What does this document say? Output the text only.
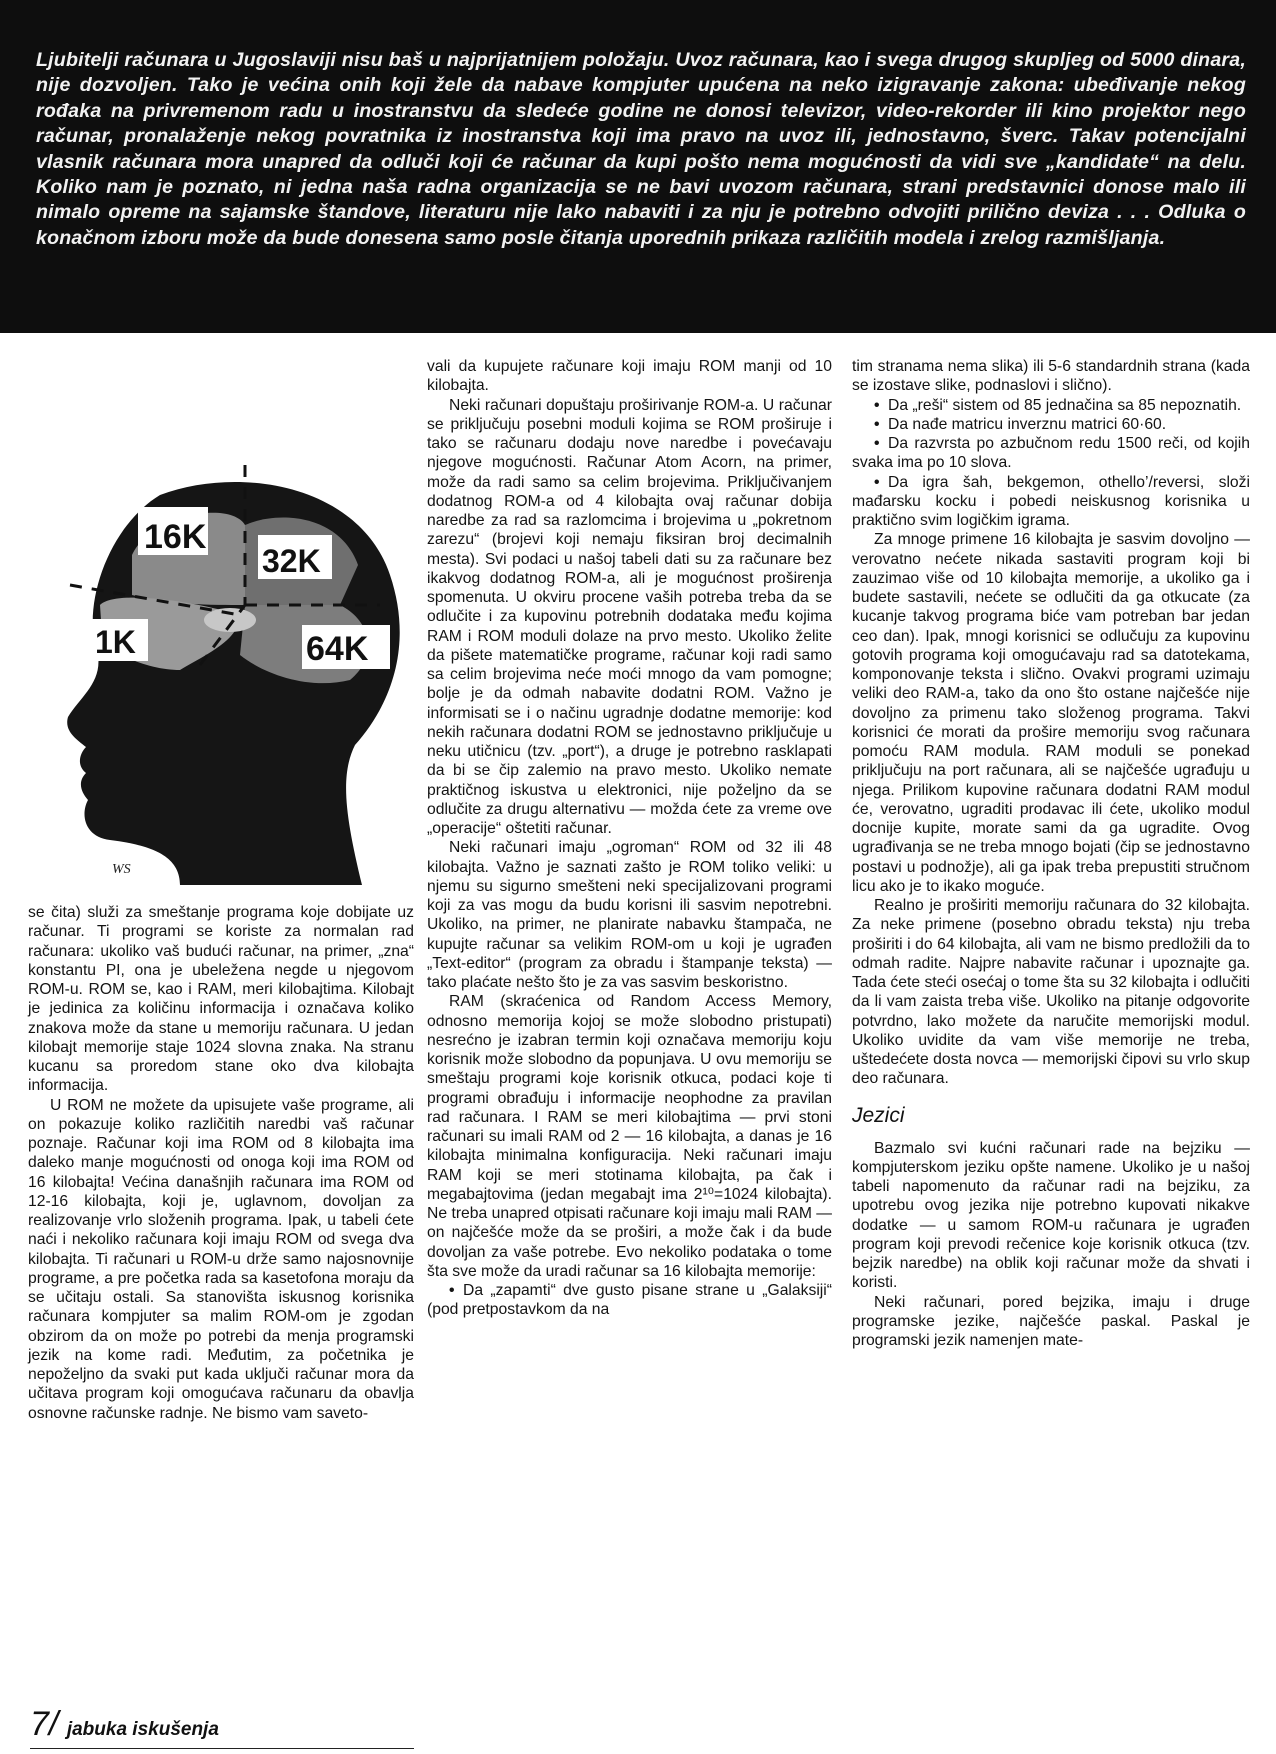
Ljubitelji računara u Jugoslaviji nisu baš u najprijatnijem položaju. Uvoz računara, kao i svega drugog skupljeg od 5000 dinara, nije dozvoljen. Tako je većina onih koji žele da nabave kompjuter upućena na neko izigravanje zakona: ubeđivanje nekog rođaka na privremenom radu u inostranstvu da sledeće godine ne donosi televizor, video-rekorder ili kino projektor nego računar, pronalaženje nekog povratnika iz inostranstva koji ima pravo na uvoz ili, jednostavno, šverc. Takav potencijalni vlasnik računara mora unapred da odluči koji će računar da kupi pošto nema mogućnosti da vidi sve „kandidate“ na delu. Koliko nam je poznato, ni jedna naša radna organizacija se ne bavi uvozom računara, strani predstavnici donose malo ili nimalo opreme na sajamske štandove, literaturu nije lako nabaviti i za nju je potrebno odvojiti prilično deviza . . . Odluka o konačnom izboru može da bude donesena samo posle čitanja uporednih prikaza različitih modela i zrelog razmišljanja.

16K
32K
1K	64K
WS

se čita) služi za smeštanje programa koje dobijate uz računar. Ti programi se koriste za normalan rad računara: ukoliko vaš budući računar, na primer, „zna“ konstantu PI, ona je ubeležena negde u njegovom ROM-u. ROM se, kao i RAM, meri kilobajtima. Kilobajt je jedinica za količinu informacija i označava koliko znakova može da stane u memoriju računara. U jedan kilobajt memorije staje 1024 slovna znaka. Na stranu kucanu sa proredom stane oko dva kilobajta informacija.

U ROM ne možete da upisujete vaše programe, ali on pokazuje koliko različitih naredbi vaš računar poznaje. Računar koji ima ROM od 8 kilobajta ima daleko manje mogućnosti od onoga koji ima ROM od 16 kilobajta! Većina današnjih računara ima ROM od 12-16 kilobajta, koji je, uglavnom, dovoljan za realizovanje vrlo složenih programa. Ipak, u tabeli ćete naći i nekoliko računara koji imaju ROM od svega dva kilobajta. Ti računari u ROM-u drže samo najosnovnije programe, a pre početka rada sa kasetofona moraju da se učitaju ostali. Sa stanovišta iskusnog korisnika računara kompjuter sa malim ROM-om je zgodan obzirom da on može po potrebi da menja programski jezik na kome radi. Međutim, za početnika je nepoželjno da svaki put kada uključi računar mora da učitava program koji omogućava računaru da obavlja osnovne računske radnje. Ne bismo vam saveto-

vali da kupujete računare koji imaju ROM manji od 10 kilobajta.

Neki računari dopuštaju proširivanje ROM-a. U računar se priključuju posebni moduli kojima se ROM proširuje i tako se računaru dodaju nove naredbe i povećavaju njegove mogućnosti. Računar Atom Acorn, na primer, može da radi samo sa celim brojevima. Priključivanjem dodatnog ROM-a od 4 kilobajta ovaj računar dobija naredbe za rad sa razlomcima i brojevima u „pokretnom zarezu“ (brojevi koji nemaju fiksiran broj decimalnih mesta). Svi podaci u našoj tabeli dati su za računare bez ikakvog dodatnog ROM-a, ali je mogućnost proširenja spomenuta. U okviru procene vaših potreba treba da se odlučite i za kupovinu potrebnih dodataka među kojima RAM i ROM moduli dolaze na prvo mesto. Ukoliko želite da pišete matematičke programe, računar koji radi samo sa celim brojevima neće moći mnogo da vam pomogne; bolje je da odmah nabavite dodatni ROM. Važno je informisati se i o načinu ugradnje dodatne memorije: kod nekih računara dodatni ROM se jednostavno priključuje u neku utičnicu (tzv. „port“), a druge je potrebno rasklapati da bi se čip zalemio na pravo mesto. Ukoliko nemate praktičnog iskustva u elektronici, nije poželjno da se odlučite za drugu alternativu — možda ćete za vreme ove „operacije“ oštetiti računar.

Neki računari imaju „ogroman“ ROM od 32 ili 48 kilobajta. Važno je saznati zašto je ROM toliko veliki: u njemu su sigurno smešteni neki specijalizovani programi koji za vas mogu da budu korisni ili sasvim nepotrebni. Ukoliko, na primer, ne planirate nabavku štampača, ne kupujte računar sa velikim ROM-om u koji je ugrađen „Text-editor“ (program za obradu i štampanje teksta) — tako plaćate nešto što je za vas sasvim beskoristno.

RAM (skraćenica od Random Access Memory, odnosno memorija kojoj se može slobodno pristupati) nesrećno je izabran termin koji označava memoriju koju korisnik može slobodno da popunjava. U ovu memoriju se smeštaju programi koje korisnik otkuca, podaci koje ti programi obrađuju i informacije neophodne za pravilan rad računara. I RAM se meri kilobajtima — prvi stoni računari su imali RAM od 2 — 16 kilobajta, a danas je 16 kilobajta minimalna konfiguracija. Neki računari imaju RAM koji se meri stotinama kilobajta, pa čak i megabajtovima (jedan megabajt ima 2¹⁰=1024 kilobajta). Ne treba unapred otpisati računare koji imaju mali RAM — on najčešće može da se proširi, a može čak i da bude dovoljan za vaše potrebe. Evo nekoliko podataka o tome šta sve može da uradi računar sa 16 kilobajta memorije:

• Da „zapamti“ dve gusto pisane strane u „Galaksiji“ (pod pretpostavkom da na

tim stranama nema slika) ili 5-6 standardnih strana (kada se izostave slike, podnaslovi i slično).

• Da „reši“ sistem od 85 jednačina sa 85 nepoznatih.

• Da nađe matricu inverznu matrici 60·60.

• Da razvrsta po azbučnom redu 1500 reči, od kojih svaka ima po 10 slova.

• Da igra šah, bekgemon, othello’/reversi, složi mađarsku kocku i pobedi neiskusnog korisnika u praktično svim logičkim igrama.

Za mnoge primene 16 kilobajta je sasvim dovoljno — verovatno nećete nikada sastaviti program koji bi zauzimao više od 10 kilobajta memorije, a ukoliko ga i budete sastavili, nećete se odlučiti da ga otkucate (za kucanje takvog programa biće vam potreban bar jedan ceo dan). Ipak, mnogi korisnici se odlučuju za kupovinu gotovih programa koji omogućavaju rad sa datotekama, komponovanje teksta i slično. Ovakvi programi uzimaju veliki deo RAM-a, tako da ono što ostane najčešće nije dovoljno za primenu tako složenog programa. Takvi korisnici će morati da prošire memoriju svog računara pomoću RAM modula. RAM moduli se ponekad priključuju na port računara, ali se najčešće ugrađuju u njega. Prilikom kupovine računara dodatni RAM modul će, verovatno, ugraditi prodavac ili ćete, ukoliko modul docnije kupite, morate sami da ga ugradite. Ovog ugrađivanja se ne treba mnogo bojati (čip se jednostavno postavi u podnožje), ali ga ipak treba prepustiti stručnom licu ako je to ikako moguće.

Realno je proširiti memoriju računara do 32 kilobajta. Za neke primene (posebno obradu teksta) nju treba proširiti i do 64 kilobajta, ali vam ne bismo predložili da to odmah radite. Najpre nabavite računar i upoznajte ga. Tada ćete steći osećaj o tome šta su 32 kilobajta i odlučiti da li vam zaista treba više. Ukoliko na pitanje odgovorite potvrdno, lako možete da naručite memorijski modul. Ukoliko uvidite da vam više memorije ne treba, uštedećete dosta novca — memorijski čipovi su vrlo skup deo računara.

Jezici

Bazmalo svi kućni računari rade na bejziku — kompjuterskom jeziku opšte namene. Ukoliko je u našoj tabeli napomenuto da računar radi na bejziku, za upotrebu ovog jezika nije potrebno kupovati nikakve dodatke — u samom ROM-u računara je ugrađen program koji prevodi rečenice koje korisnik otkuca (tzv. bejzik naredbe) na oblik koji računar može da shvati i koristi.

Neki računari, pored bejzika, imaju i druge programske jezike, najčešće paskal. Paskal je programski jezik namenjen mate-

7/ jabuka iskušenja
